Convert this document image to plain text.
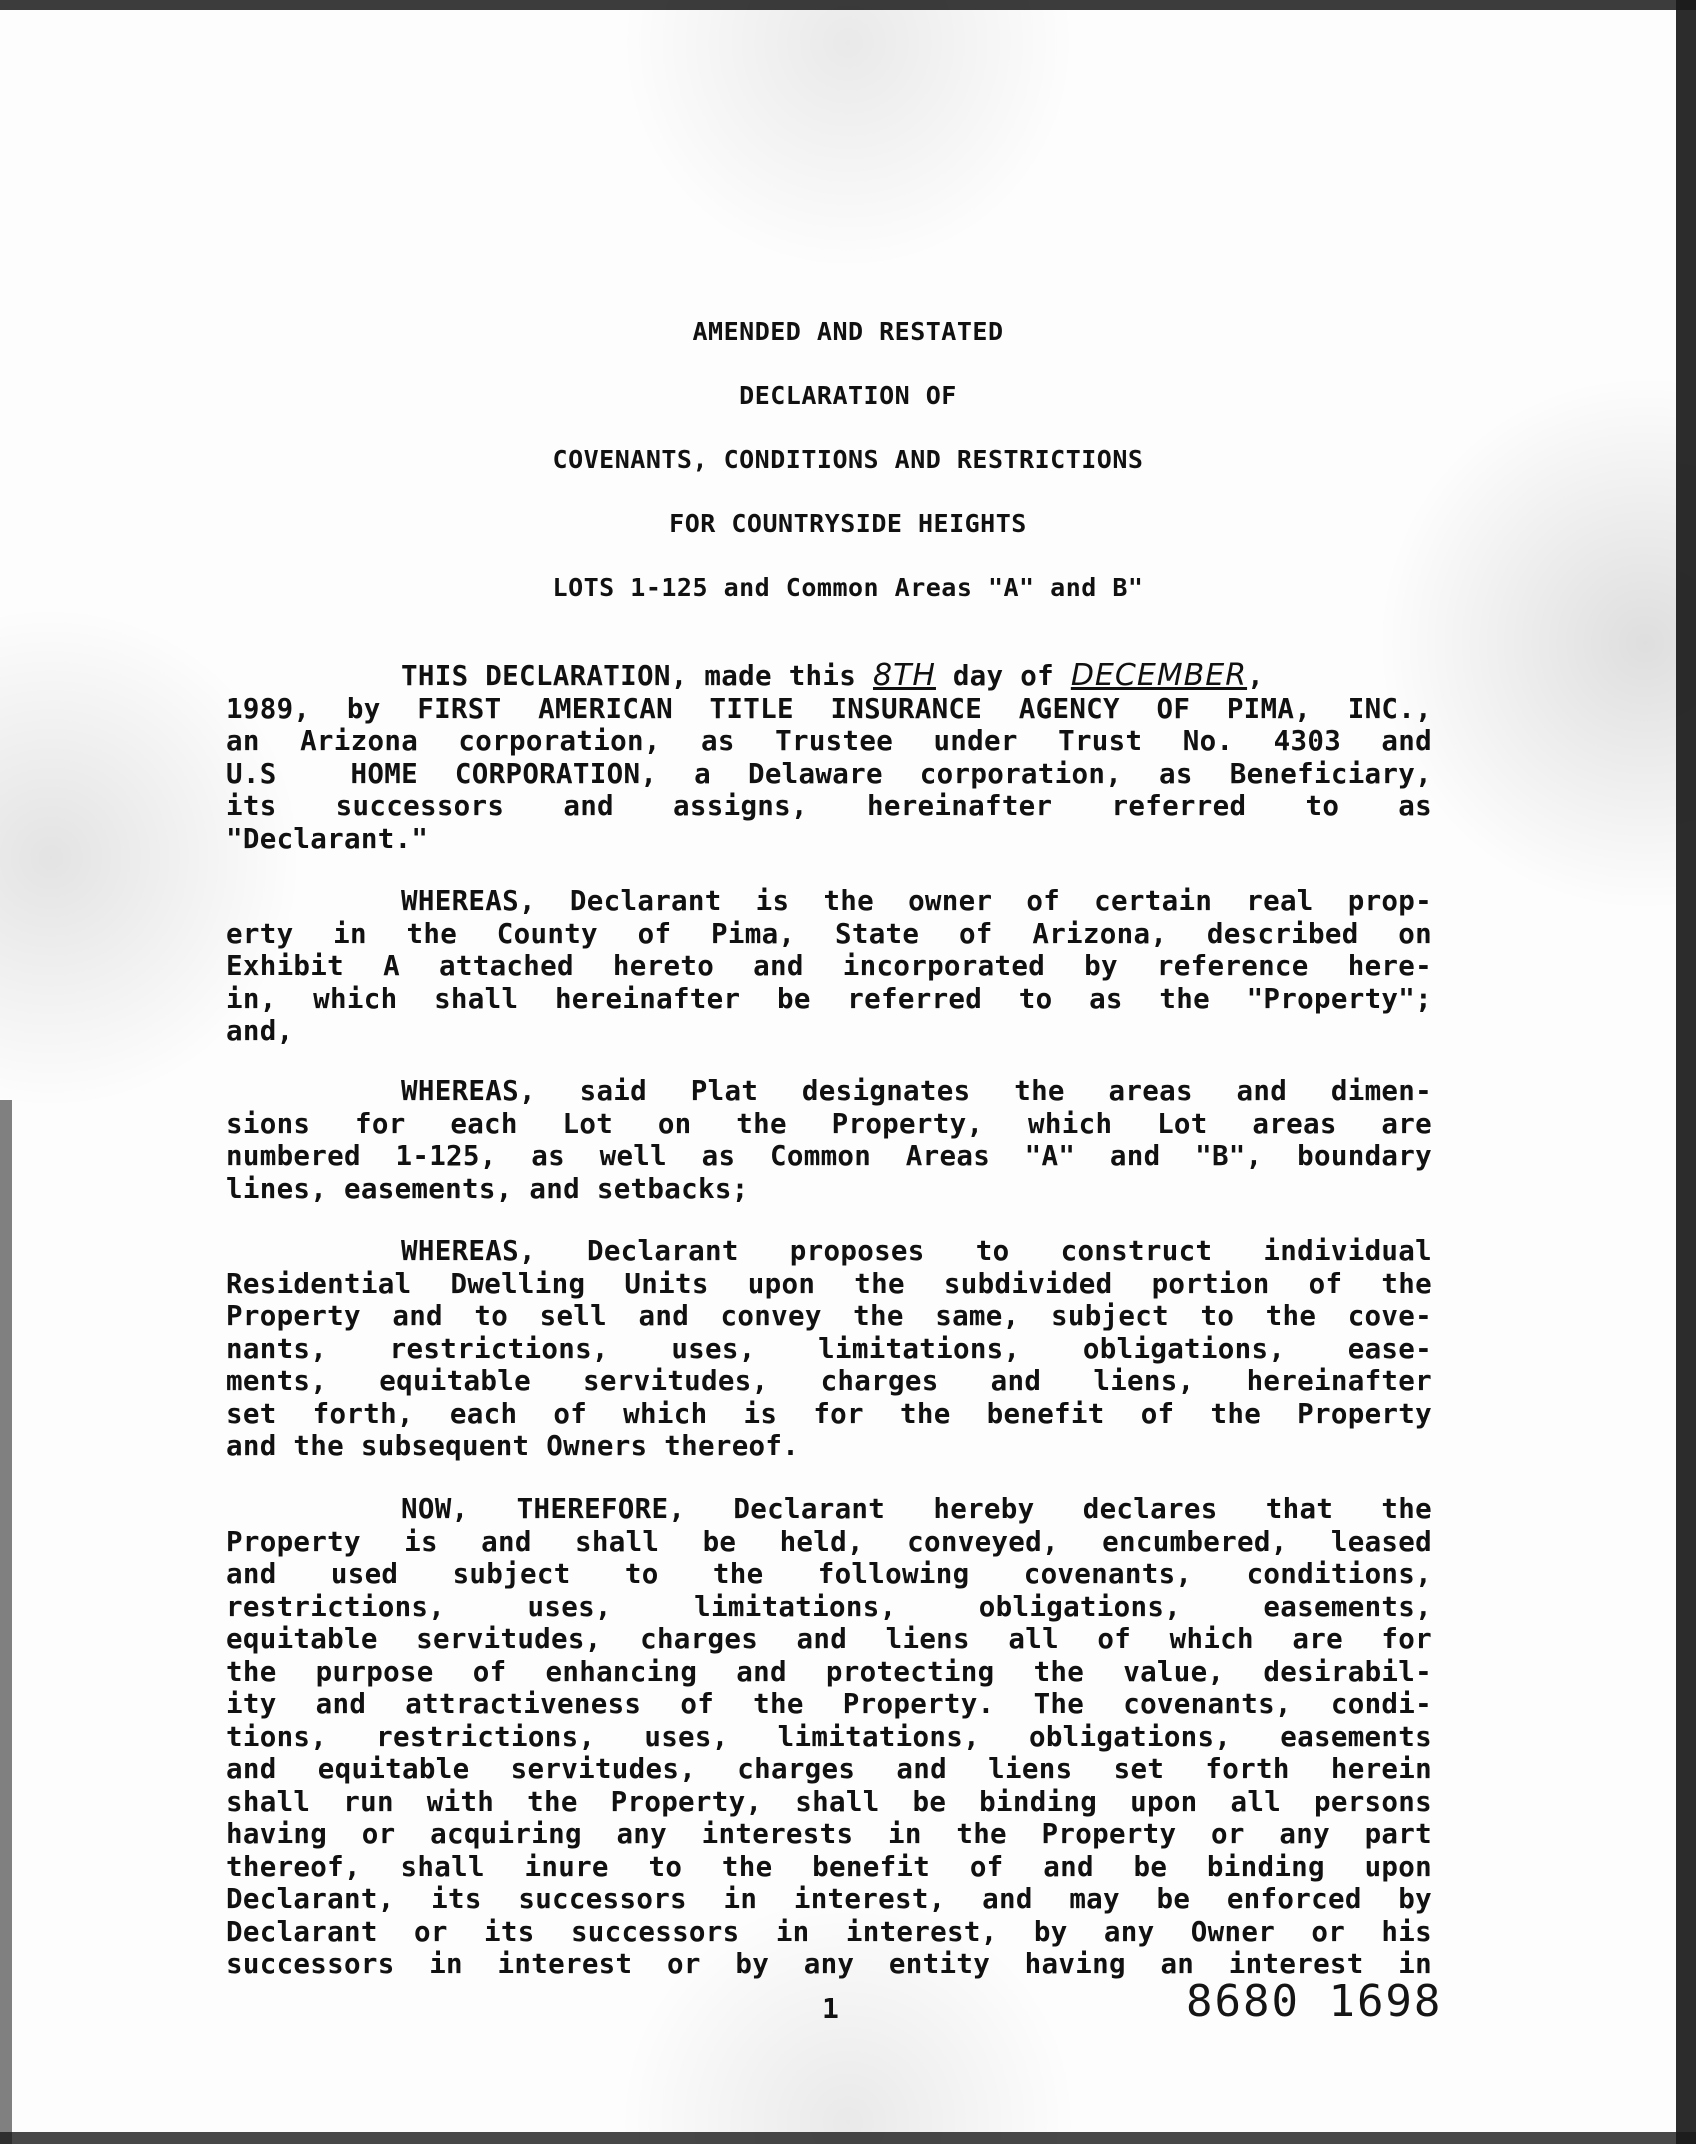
AMENDED AND RESTATED
DECLARATION OF
COVENANTS, CONDITIONS AND RESTRICTIONS
FOR COUNTRYSIDE HEIGHTS
LOTS 1-125 and Common Areas "A" and B"
THIS DECLARATION, made this 8TH day of DECEMBER,
1989, by FIRST AMERICAN TITLE INSURANCE AGENCY OF PIMA, INC.,
an Arizona corporation, as Trustee under Trust No. 4303 and
U.S  HOME CORPORATION, a Delaware corporation, as Beneficiary,
its successors and assigns, hereinafter referred to as
"Declarant."
WHEREAS, Declarant is the owner of certain real prop-
erty in the County of Pima, State of Arizona, described on
Exhibit A attached hereto and incorporated by reference here-
in, which shall hereinafter be referred to as the "Property";
and,
WHEREAS, said Plat designates the areas and dimen-
sions for each Lot on the Property, which Lot areas are
numbered 1-125, as well as Common Areas "A" and "B", boundary
lines, easements, and setbacks;
WHEREAS, Declarant proposes to construct individual
Residential Dwelling Units upon the subdivided portion of the
Property and to sell and convey the same, subject to the cove-
nants, restrictions, uses, limitations, obligations, ease-
ments, equitable servitudes, charges and liens, hereinafter
set forth, each of which is for the benefit of the Property
and the subsequent Owners thereof.
NOW, THEREFORE, Declarant hereby declares that the
Property is and shall be held, conveyed, encumbered, leased
and used subject to the following covenants, conditions,
restrictions, uses, limitations, obligations, easements,
equitable servitudes, charges and liens all of which are for
the purpose of enhancing and protecting the value, desirabil-
ity and attractiveness of the Property. The covenants, condi-
tions, restrictions, uses, limitations, obligations, easements
and equitable servitudes, charges and liens set forth herein
shall run with the Property, shall be binding upon all persons
having or acquiring any interests in the Property or any part
thereof, shall inure to the benefit of and be binding upon
Declarant, its successors in interest, and may be enforced by
Declarant or its successors in interest, by any Owner or his
successors in interest or by any entity having an interest in
1	8680 1698
